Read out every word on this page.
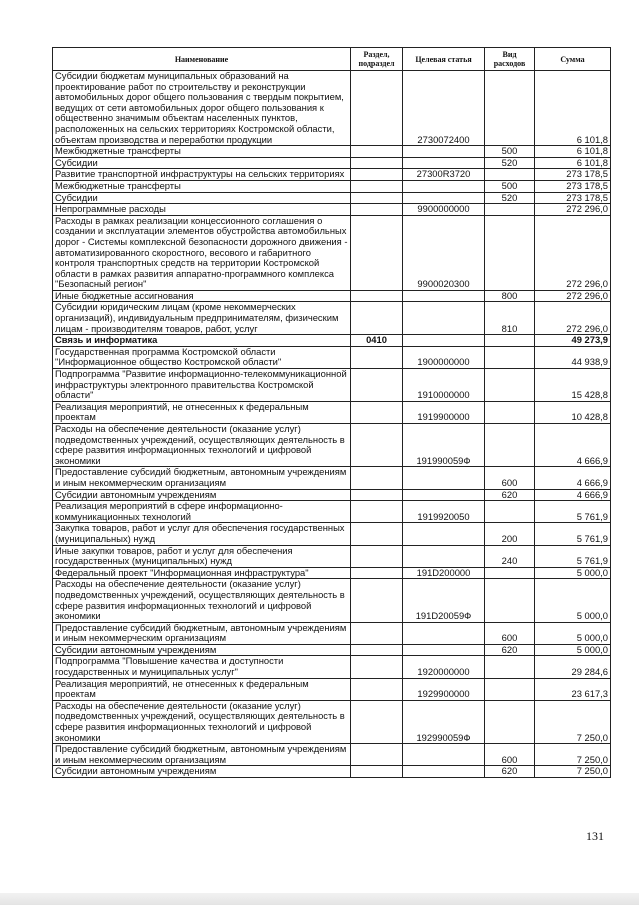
Наименование	Раздел, подраздел	Целевая статья	Вид расходов	Сумма
Субсидии бюджетам муниципальных образований на проектирование работ по строительству и реконструкции автомобильных дорог общего пользования с твердым покрытием, ведущих от сети автомобильных дорог общего пользования к общественно значимым объектам населенных пунктов, расположенных на сельских территориях Костромской области, объектам производства и переработки продукции		2730072400		6 101,8
Межбюджетные трансферты			500	6 101,8
Субсидии			520	6 101,8
Развитие транспортной инфраструктуры на сельских территориях		27300R3720		273 178,5
Межбюджетные трансферты			500	273 178,5
Субсидии			520	273 178,5
Непрограммные расходы		9900000000		272 296,0
Расходы в рамках реализации концессионного соглашения о создании и эксплуатации элементов обустройства автомобильных дорог - Системы комплексной безопасности дорожного движения - автоматизированного скоростного, весового и габаритного контроля транспортных средств на территории Костромской области в рамках развития аппаратно-программного комплекса "Безопасный регион"		9900020300		272 296,0
Иные бюджетные ассигнования			800	272 296,0
Субсидии юридическим лицам (кроме некоммерческих организаций), индивидуальным предпринимателям, физическим лицам - производителям товаров, работ, услуг			810	272 296,0
Связь и информатика	0410			49 273,9
Государственная программа Костромской области "Информационное общество Костромской области"		1900000000		44 938,9
Подпрограмма "Развитие информационно-телекоммуникационной инфраструктуры электронного правительства Костромской области"		1910000000		15 428,8
Реализация мероприятий, не отнесенных к федеральным проектам		1919900000		10 428,8
Расходы на обеспечение деятельности (оказание услуг) подведомственных учреждений, осуществляющих деятельность в сфере развития информационных технологий и цифровой экономики		191990059Ф		4 666,9
Предоставление субсидий бюджетным, автономным учреждениям и иным некоммерческим организациям			600	4 666,9
Субсидии автономным учреждениям			620	4 666,9
Реализация мероприятий в сфере информационно-коммуникационных технологий		1919920050		5 761,9
Закупка товаров, работ и услуг для обеспечения государственных (муниципальных) нужд			200	5 761,9
Иные закупки товаров, работ и услуг для обеспечения государственных (муниципальных) нужд			240	5 761,9
Федеральный проект "Информационная инфраструктура"		191D200000		5 000,0
Расходы на обеспечение деятельности (оказание услуг) подведомственных учреждений, осуществляющих деятельность в сфере развития информационных технологий и цифровой экономики		191D20059Ф		5 000,0
Предоставление субсидий бюджетным, автономным учреждениям и иным некоммерческим организациям			600	5 000,0
Субсидии автономным учреждениям			620	5 000,0
Подпрограмма "Повышение качества и доступности государственных и муниципальных услуг"		1920000000		29 284,6
Реализация мероприятий, не отнесенных к федеральным проектам		1929900000		23 617,3
Расходы на обеспечение деятельности (оказание услуг) подведомственных учреждений, осуществляющих деятельность в сфере развития информационных технологий и цифровой экономики		192990059Ф		7 250,0
Предоставление субсидий бюджетным, автономным учреждениям и иным некоммерческим организациям			600	7 250,0
Субсидии автономным учреждениям			620	7 250,0
131
